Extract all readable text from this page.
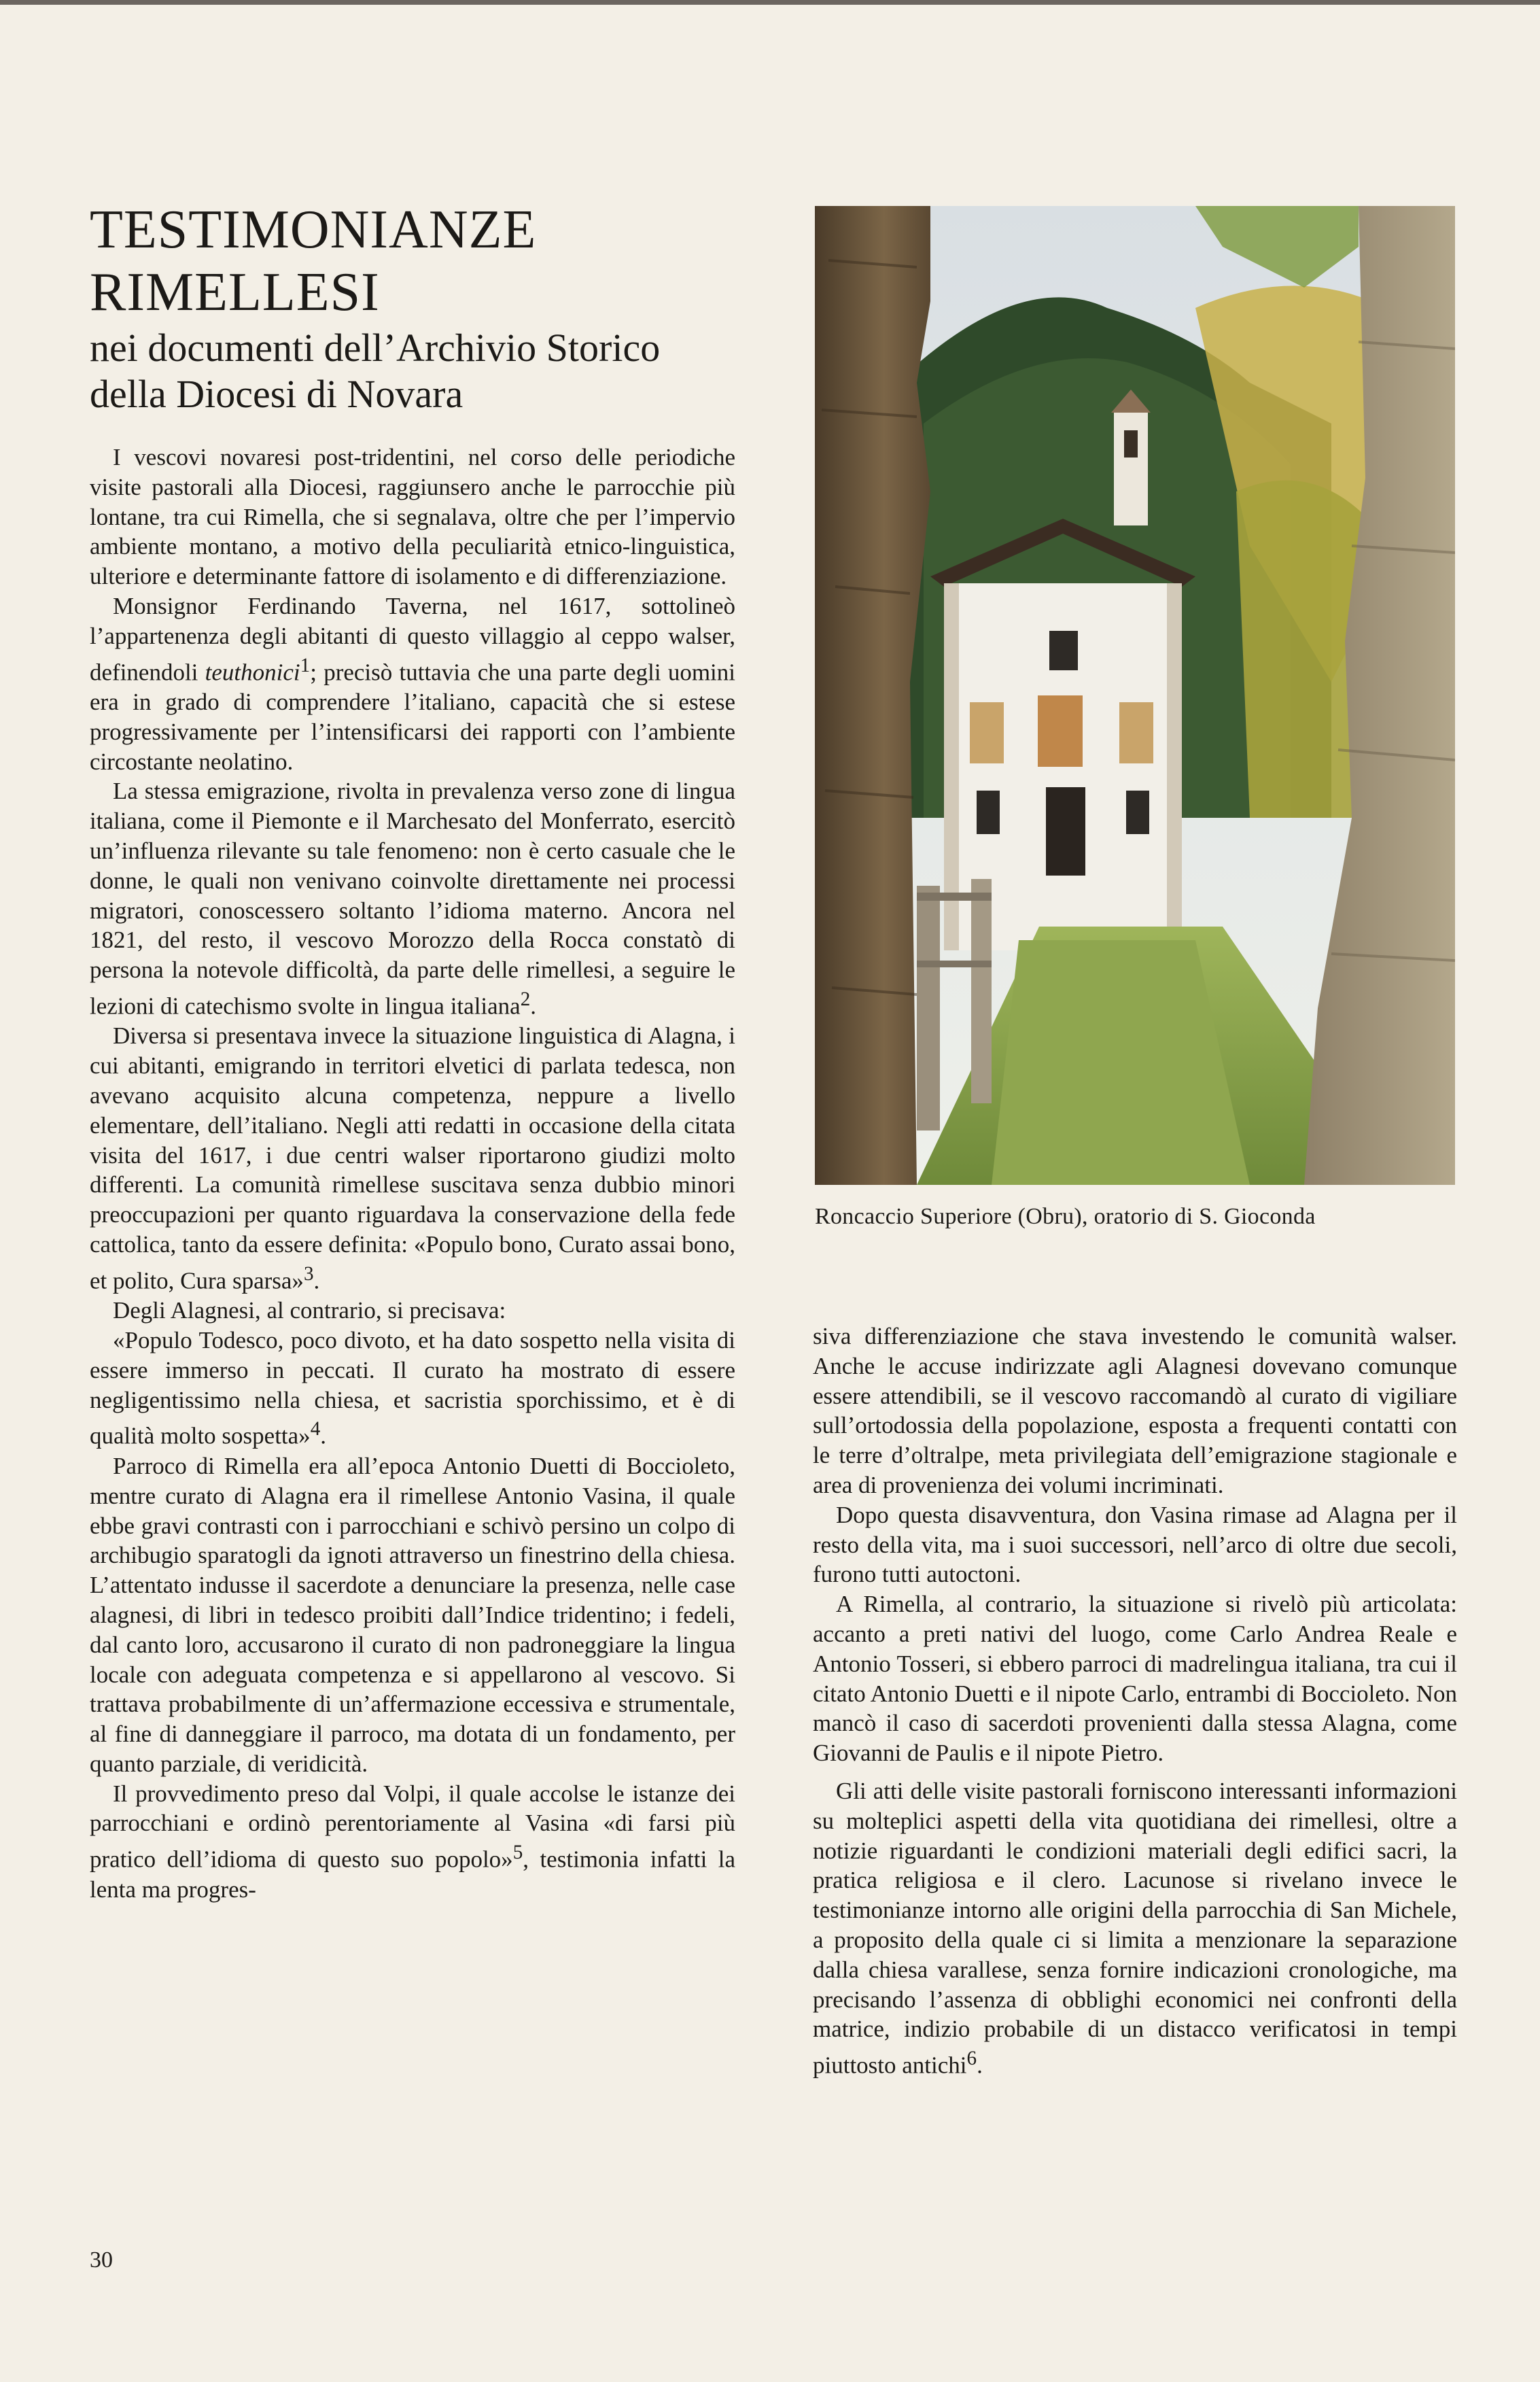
TESTIMONIANZE RIMELLESI
nei documenti dell’Archivio Storico
della Diocesi di Novara

I vescovi novaresi post-tridentini, nel corso delle periodiche visite pastorali alla Diocesi, raggiunsero anche le parrocchie più lontane, tra cui Rimella, che si segnalava, oltre che per l’impervio ambiente montano, a motivo della peculiarità etnico-linguistica, ulteriore e determinante fattore di isolamento e di differenziazione.

Monsignor Ferdinando Taverna, nel 1617, sottolineò l’appartenenza degli abitanti di questo villaggio al ceppo walser, definendoli teuthonici$^1$; precisò tuttavia che una parte degli uomini era in grado di comprendere l’italiano, capacità che si estese progressivamente per l’intensificarsi dei rapporti con l’ambiente circostante neolatino.

La stessa emigrazione, rivolta in prevalenza verso zone di lingua italiana, come il Piemonte e il Marchesato del Monferrato, esercitò un’influenza rilevante su tale fenomeno: non è certo casuale che le donne, le quali non venivano coinvolte direttamente nei processi migratori, conoscessero soltanto l’idioma materno. Ancora nel 1821, del resto, il vescovo Morozzo della Rocca constatò di persona la notevole difficoltà, da parte delle rimellesi, a seguire le lezioni di catechismo svolte in lingua italiana$^2$.

Diversa si presentava invece la situazione linguistica di Alagna, i cui abitanti, emigrando in territori elvetici di parlata tedesca, non avevano acquisito alcuna competenza, neppure a livello elementare, dell’italiano. Negli atti redatti in occasione della citata visita del 1617, i due centri walser riportarono giudizi molto differenti. La comunità rimellese suscitava senza dubbio minori preoccupazioni per quanto riguardava la conservazione della fede cattolica, tanto da essere definita: «Populo bono, Curato assai bono, et polito, Cura sparsa»$^3$.

Degli Alagnesi, al contrario, si precisava:

«Populo Todesco, poco divoto, et ha dato sospetto nella visita di essere immerso in peccati. Il curato ha mostrato di essere negligentissimo nella chiesa, et sacristia sporchissimo, et è di qualità molto sospetta»$^4$.

Parroco di Rimella era all’epoca Antonio Duetti di Boccioleto, mentre curato di Alagna era il rimellese Antonio Vasina, il quale ebbe gravi contrasti con i parrocchiani e schivò persino un colpo di archibugio sparatogli da ignoti attraverso un finestrino della chiesa. L’attentato indusse il sacerdote a denunciare la presenza, nelle case alagnesi, di libri in tedesco proibiti dall’Indice tridentino; i fedeli, dal canto loro, accusarono il curato di non padroneggiare la lingua locale con adeguata competenza e si appellarono al vescovo. Si trattava probabilmente di un’affermazione eccessiva e strumentale, al fine di danneggiare il parroco, ma dotata di un fondamento, per quanto parziale, di veridicità.

Il provvedimento preso dal Volpi, il quale accolse le istanze dei parrocchiani e ordinò perentoriamente al Vasina «di farsi più pratico dell’idioma di questo suo popolo»$^5$, testimonia infatti la lenta ma progres-

Roncaccio Superiore (Obru), oratorio di S. Gioconda

siva differenziazione che stava investendo le comunità walser. Anche le accuse indirizzate agli Alagnesi dovevano comunque essere attendibili, se il vescovo raccomandò al curato di vigiliare sull’ortodossia della popolazione, esposta a frequenti contatti con le terre d’oltralpe, meta privilegiata dell’emigrazione stagionale e area di provenienza dei volumi incriminati.

Dopo questa disavventura, don Vasina rimase ad Alagna per il resto della vita, ma i suoi successori, nell’arco di oltre due secoli, furono tutti autoctoni.

A Rimella, al contrario, la situazione si rivelò più articolata: accanto a preti nativi del luogo, come Carlo Andrea Reale e Antonio Tosseri, si ebbero parroci di madrelingua italiana, tra cui il citato Antonio Duetti e il nipote Carlo, entrambi di Boccioleto. Non mancò il caso di sacerdoti provenienti dalla stessa Alagna, come Giovanni de Paulis e il nipote Pietro.

Gli atti delle visite pastorali forniscono interessanti informazioni su molteplici aspetti della vita quotidiana dei rimellesi, oltre a notizie riguardanti le condizioni materiali degli edifici sacri, la pratica religiosa e il clero. Lacunose si rivelano invece le testimonianze intorno alle origini della parrocchia di San Michele, a proposito della quale ci si limita a menzionare la separazione dalla chiesa varallese, senza fornire indicazioni cronologiche, ma precisando l’assenza di obblighi economici nei confronti della matrice, indizio probabile di un distacco verificatosi in tempi piuttosto antichi$^6$.

30
